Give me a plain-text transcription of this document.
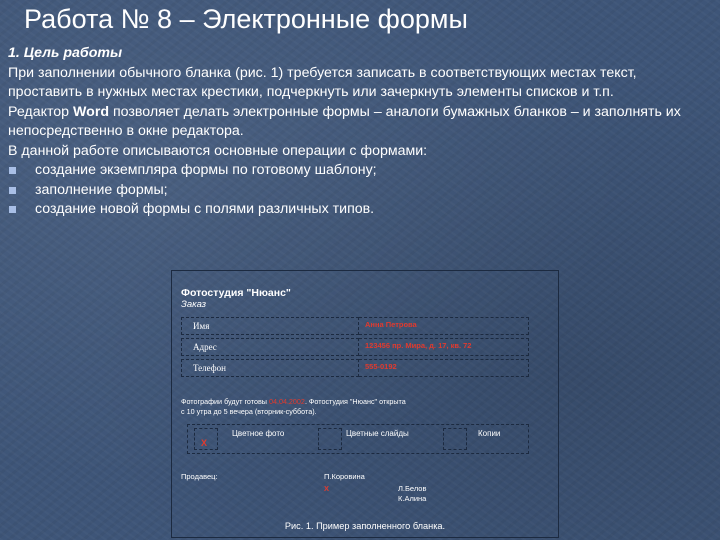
Работа № 8 – Электронные формы

1. Цель работы

При заполнении обычного бланка (рис. 1) требуется записать в соответствующих местах текст, проставить в нужных местах крестики, подчеркнуть или зачеркнуть элементы списков и т.п.

Редактор Word позволяет делать электронные формы – аналоги бумажных бланков – и заполнять их непосредственно в окне редактора.

В данной работе описываются основные операции с формами:

создание экземпляра формы по готовому шаблону;
заполнение формы;
создание новой формы с полями различных типов.
Фотостудия "Нюанс"
Заказ
Имя	Анна Петрова
Адрес	123456 пр. Мира, д. 17, кв. 72
Телефон	555-0192
Фотографии будут готовы 04.04.2002. Фотостудия "Нюанс" открыта
с 10 утра до 5 вечера (вторник-суббота).
Х
Цветное фото	Цветные слайды	Копии
Продавец:	П.Коровина
Х	Л.Белов
К.Алина
Рис. 1. Пример заполненного бланка.
